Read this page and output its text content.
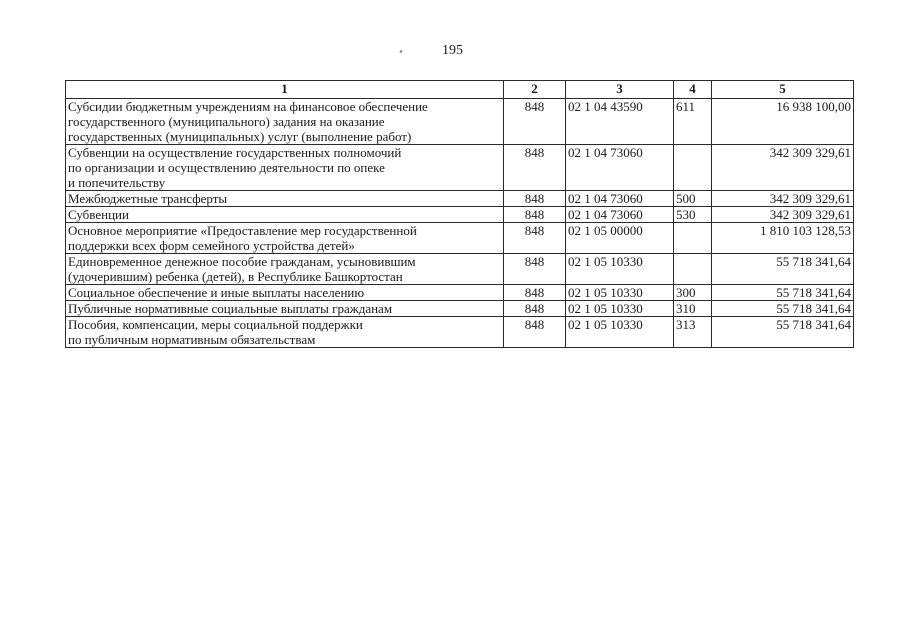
195
1	2	3	4	5

Субсидии бюджетным учреждениям на финансовое обеспечение
государственного (муниципального) задания на оказание
государственных (муниципальных) услуг (выполнение работ)	848	02 1 04 43590	611	16 938 100,00

Субвенции на осуществление государственных полномочий
по организации и осуществлению деятельности по опеке
и попечительству	848	02 1 04 73060		342 309 329,61

Межбюджетные трансферты	848	02 1 04 73060	500	342 309 329,61

Субвенции	848	02 1 04 73060	530	342 309 329,61

Основное мероприятие «Предоставление мер государственной
поддержки всех форм семейного устройства детей»	848	02 1 05 00000		1 810 103 128,53

Единовременное денежное пособие гражданам, усыновившим
(удочерившим) ребенка (детей), в Республике Башкортостан	848	02 1 05 10330		55 718 341,64

Социальное обеспечение и иные выплаты населению	848	02 1 05 10330	300	55 718 341,64

Публичные нормативные социальные выплаты гражданам	848	02 1 05 10330	310	55 718 341,64

Пособия, компенсации, меры социальной поддержки
по публичным нормативным обязательствам	848	02 1 05 10330	313	55 718 341,64
